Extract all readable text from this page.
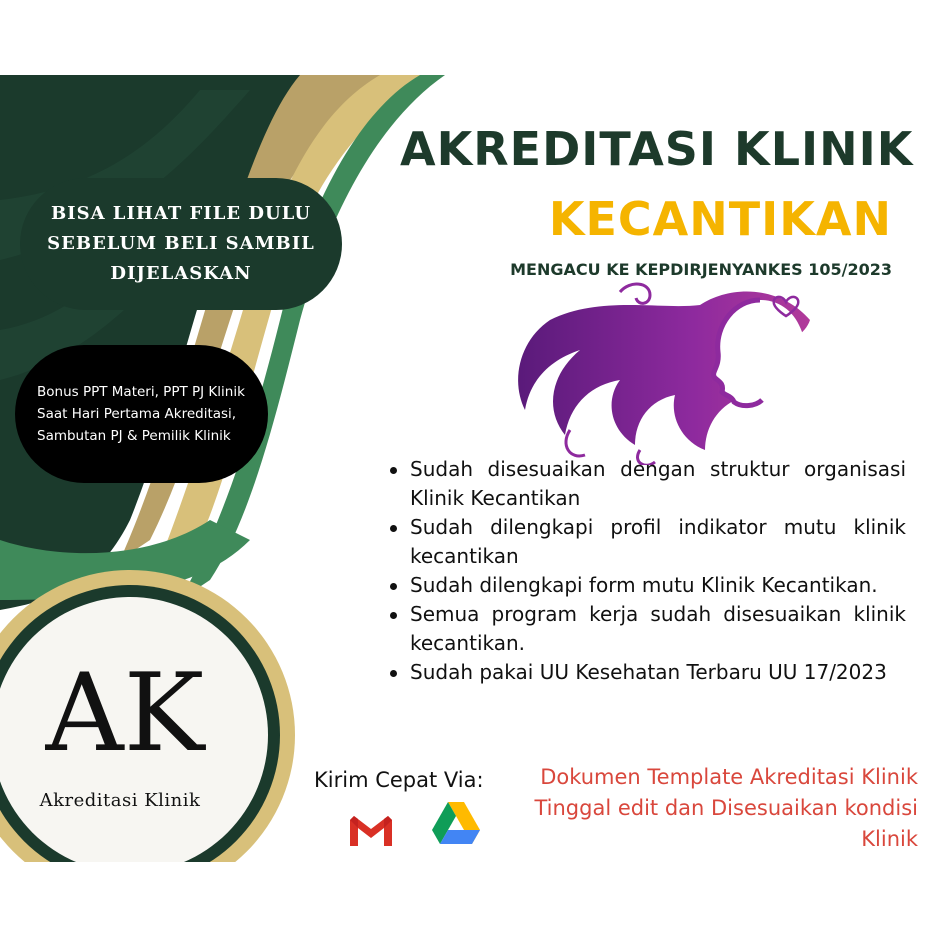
AKREDITASI KLINIK
KECANTIKAN
MENGACU KE KEPDIRJENYANKES 105/2023
BISA LIHAT FILE DULU SEBELUM BELI SAMBIL DIJELASKAN
Bonus PPT Materi, PPT PJ Klinik Saat Hari Pertama Akreditasi, Sambutan PJ & Pemilik Klinik
Sudah disesuaikan dengan struktur organisasi Klinik Kecantikan
Sudah dilengkapi profil indikator mutu klinik kecantikan
Sudah dilengkapi form mutu Klinik Kecantikan.
Semua program kerja sudah disesuaikan klinik kecantikan.
Sudah pakai UU Kesehatan Terbaru UU 17/2023
AK
Akreditasi Klinik
Kirim Cepat Via:	Dokumen Template Akreditasi Klinik Tinggal edit dan Disesuaikan kondisi Klinik
